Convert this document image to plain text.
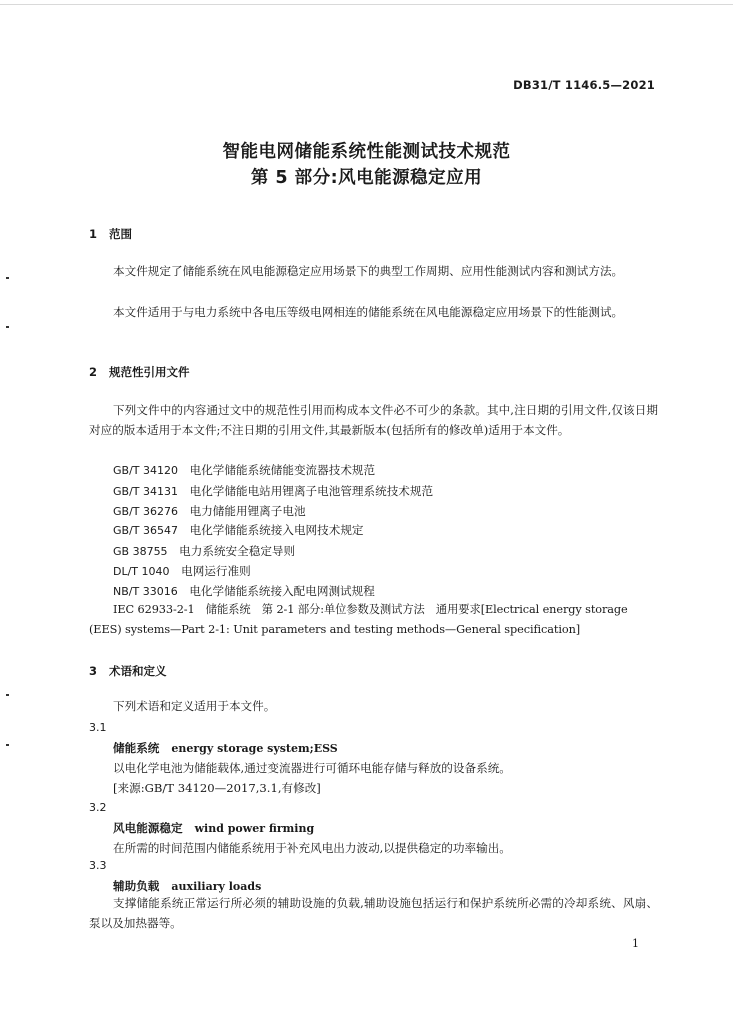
DB31/T 1146.5—2021
智能电网储能系统性能测试技术规范
第 5 部分:风电能源稳定应用
1 范围
本文件规定了储能系统在风电能源稳定应用场景下的典型工作周期、应用性能测试内容和测试方法。
本文件适用于与电力系统中各电压等级电网相连的储能系统在风电能源稳定应用场景下的性能测试。
2 规范性引用文件
下列文件中的内容通过文中的规范性引用而构成本文件必不可少的条款。其中,注日期的引用文件,仅该日期对应的版本适用于本文件;不注日期的引用文件,其最新版本(包括所有的修改单)适用于本文件。
GB/T 34120　 电化学储能系统储能变流器技术规范
GB/T 34131　 电化学储能电站用锂离子电池管理系统技术规范
GB/T 36276　 电力储能用锂离子电池
GB/T 36547　 电化学储能系统接入电网技术规定
GB 38755　 电力系统安全稳定导则
DL/T 1040　 电网运行准则
NB/T 33016　 电化学储能系统接入配电网测试规程
IEC 62933-2-1　储能系统　第 2-1 部分:单位参数及测试方法　通用要求[Electrical energy storage (EES) systems—Part 2-1: Unit parameters and testing methods—General specification]
3 术语和定义
下列术语和定义适用于本文件。
3.1
储能系统 energy storage system;ESS
以电化学电池为储能载体,通过变流器进行可循环电能存储与释放的设备系统。
[来源:GB/T 34120—2017,3.1,有修改]
3.2
风电能源稳定 wind power firming
在所需的时间范围内储能系统用于补充风电出力波动,以提供稳定的功率输出。
3.3
辅助负载 auxiliary loads
支撑储能系统正常运行所必须的辅助设施的负载,辅助设施包括运行和保护系统所必需的冷却系统、风扇、泵以及加热器等。
1
